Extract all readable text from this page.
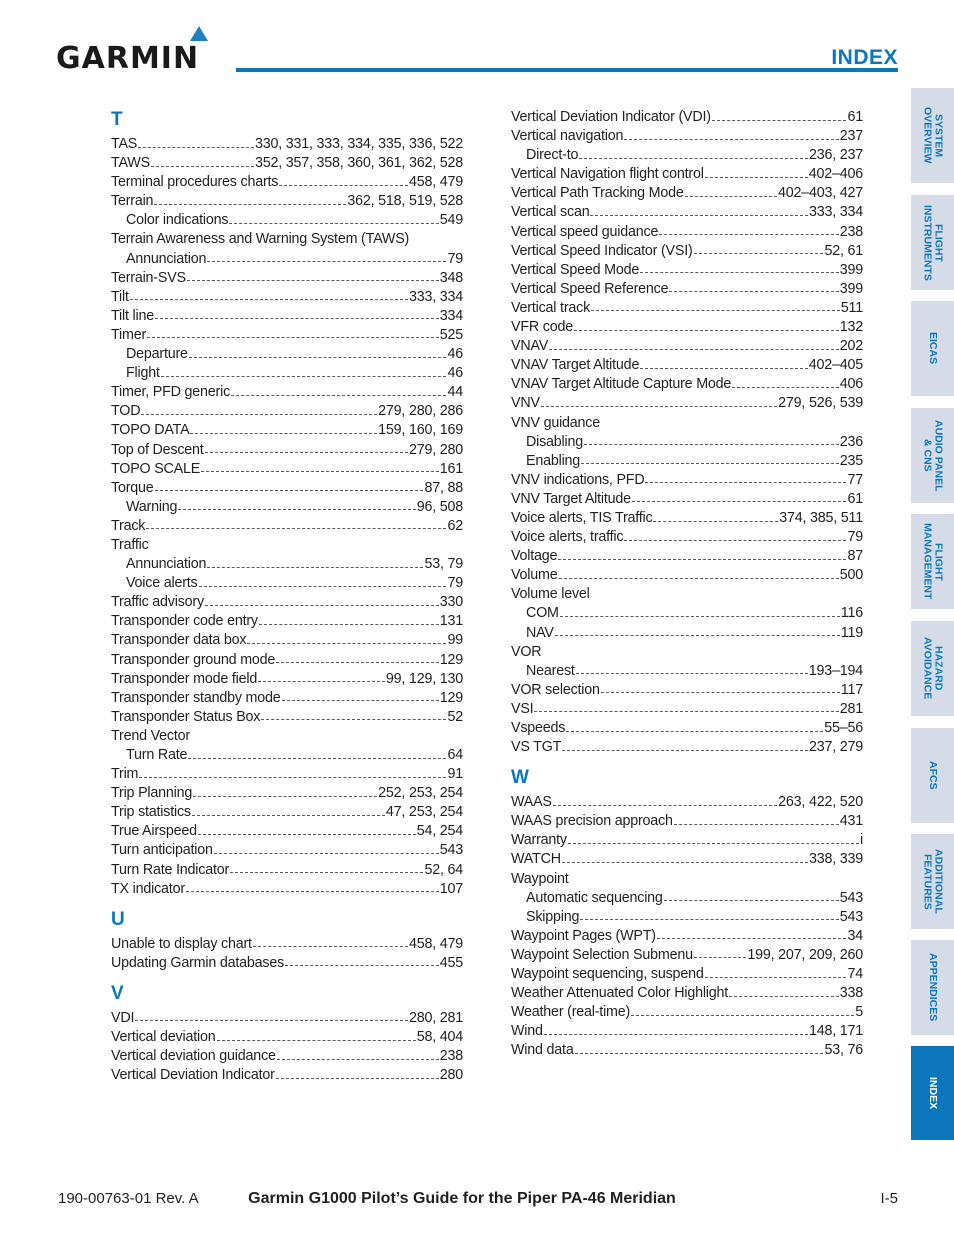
GARMIN	INDEX
T
TAS	330, 331, 333, 334, 335, 336, 522
TAWS	352, 357, 358, 360, 361, 362, 528
Terminal procedures charts	458, 479
Terrain	362, 518, 519, 528
Color indications	549
Terrain Awareness and Warning System (TAWS)
Annunciation	79
Terrain-SVS	348
Tilt	333, 334
Tilt line	334
Timer	525
Departure	46
Flight	46
Timer, PFD generic	44
TOD	279, 280, 286
TOPO DATA	159, 160, 169
Top of Descent	279, 280
TOPO SCALE	161
Torque	87, 88
Warning	96, 508
Track	62
Traffic
Annunciation	53, 79
Voice alerts	79
Traffic advisory	330
Transponder code entry	131
Transponder data box	99
Transponder ground mode	129
Transponder mode field	99, 129, 130
Transponder standby mode	129
Transponder Status Box	52
Trend Vector
Turn Rate	64
Trim	91
Trip Planning	252, 253, 254
Trip statistics	47, 253, 254
True Airspeed	54, 254
Turn anticipation	543
Turn Rate Indicator	52, 64
TX indicator	107
U
Unable to display chart	458, 479
Updating Garmin databases	455
V
VDI	280, 281
Vertical deviation	58, 404
Vertical deviation guidance	238
Vertical Deviation Indicator	280
Vertical Deviation Indicator (VDI)	61
Vertical navigation	237
Direct-to	236, 237
Vertical Navigation flight control	402–406
Vertical Path Tracking Mode	402–403, 427
Vertical scan	333, 334
Vertical speed guidance	238
Vertical Speed Indicator (VSI)	52, 61
Vertical Speed Mode	399
Vertical Speed Reference	399
Vertical track	511
VFR code	132
VNAV	202
VNAV Target Altitude	402–405
VNAV Target Altitude Capture Mode	406
VNV	279, 526, 539
VNV guidance
Disabling	236
Enabling	235
VNV indications, PFD	77
VNV Target Altitude	61
Voice alerts, TIS Traffic	374, 385, 511
Voice alerts, traffic	79
Voltage	87
Volume	500
Volume level
COM	116
NAV	119
VOR
Nearest	193–194
VOR selection	117
VSI	281
Vspeeds	55–56
VS TGT	237, 279
W
WAAS	263, 422, 520
WAAS precision approach	431
Warranty	i
WATCH	338, 339
Waypoint
Automatic sequencing	543
Skipping	543
Waypoint Pages (WPT)	34
Waypoint Selection Submenu	199, 207, 209, 260
Waypoint sequencing, suspend	74
Weather Attenuated Color Highlight	338
Weather (real-time)	5
Wind	148, 171
Wind data	53, 76
SYSTEM
OVERVIEW
FLIGHT
INSTRUMENTS
EICAS
AUDIO PANEL
& CNS
FLIGHT
MANAGEMENT
HAZARD
AVOIDANCE
AFCS
ADDITIONAL
FEATURES
APPENDICES
INDEX
190-00763-01 Rev. A	Garmin G1000 Pilot’s Guide for the Piper PA-46 Meridian	I-5
